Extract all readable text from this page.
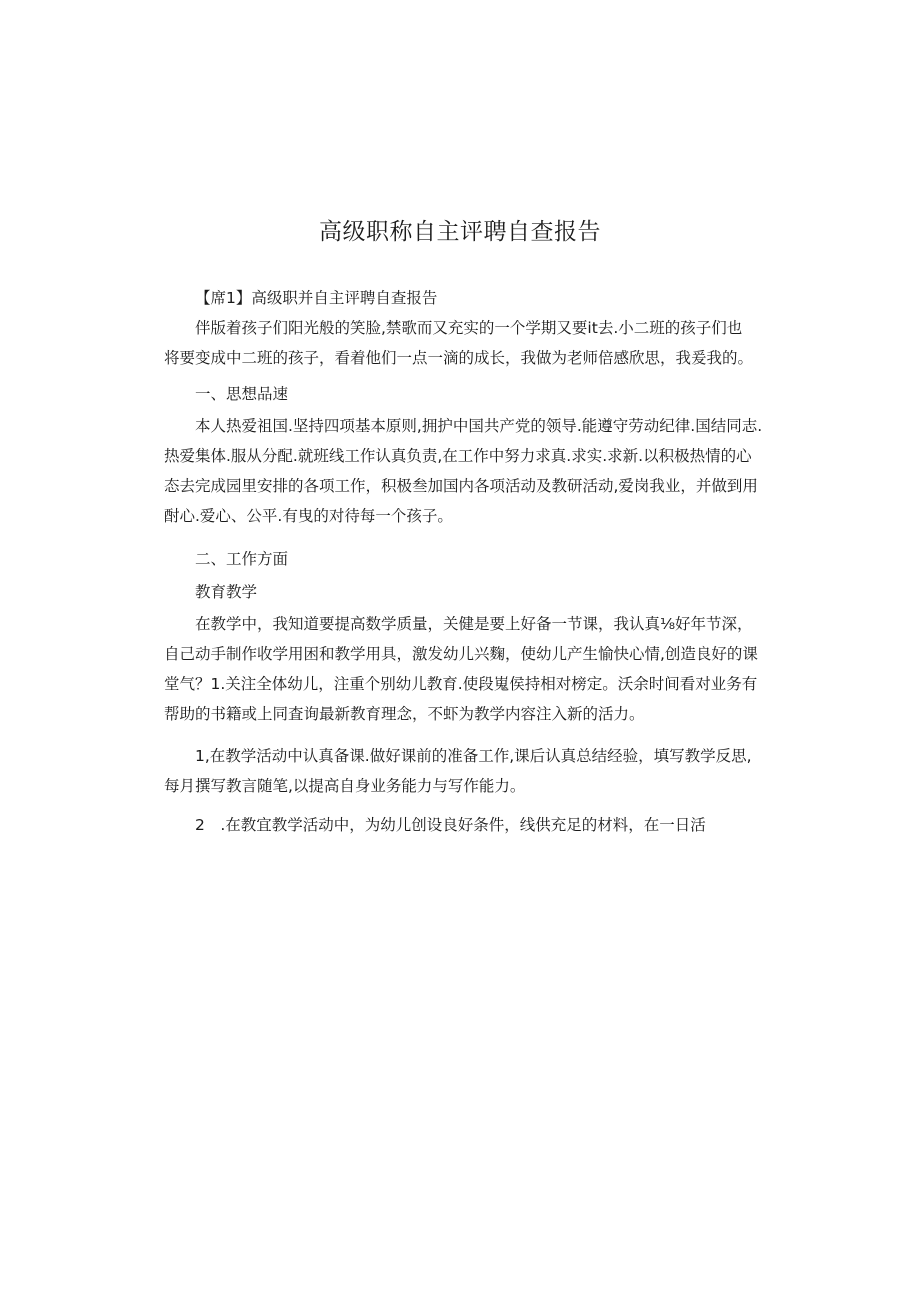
高级职称自主评聘自查报告
【席1】高级职并自主评聘自查报告
伴版着孩子们阳光般的笑脸,禁歌而又充实的一个学期又要it去.小二班的孩子们也
将要变成中二班的孩子，看着他们一点一滴的成长，我做为老师倍感欣思，我爰我的。
一、思想品速
本人热爱祖国.坚持四项基本原则,拥护中国共产党的领导.能遵守劳动纪律.国结同志.
热爱集体.服从分配.就班线工作认真负责,在工作中努力求真.求实.求新.以积极热情的心
态去完成园里安排的各项工作，积极叁加国内各项活动及教研活动,爱岗我业，并做到用
酎心.爱心、公平.有曳的对待每一个孩子。
二、工作方面
教育教学
在教学中，我知道要提高数学质量，关健是要上好备一节课，我认真⅛好年节深，
自己动手制作收学用困和教学用具，激发幼儿兴麴，使幼儿产生愉快心情,创造良好的课
堂气？1.关注全体幼儿，注重个别幼儿教育.使段嵬侯持相对榜定。沃余时间看对业务有
帮助的书籍或上同査询最新教育理念，不虾为教学内容注入新的活力。
1,在教学活动中认真备课.做好课前的准备工作,课后认真总结经验，填写教学反思,
每月撰写教言随笔,以提高自身业务能力与写作能力。
2　.在教宜教学活动中，为幼儿创设良好条件，线供充足的材料，在一日活
